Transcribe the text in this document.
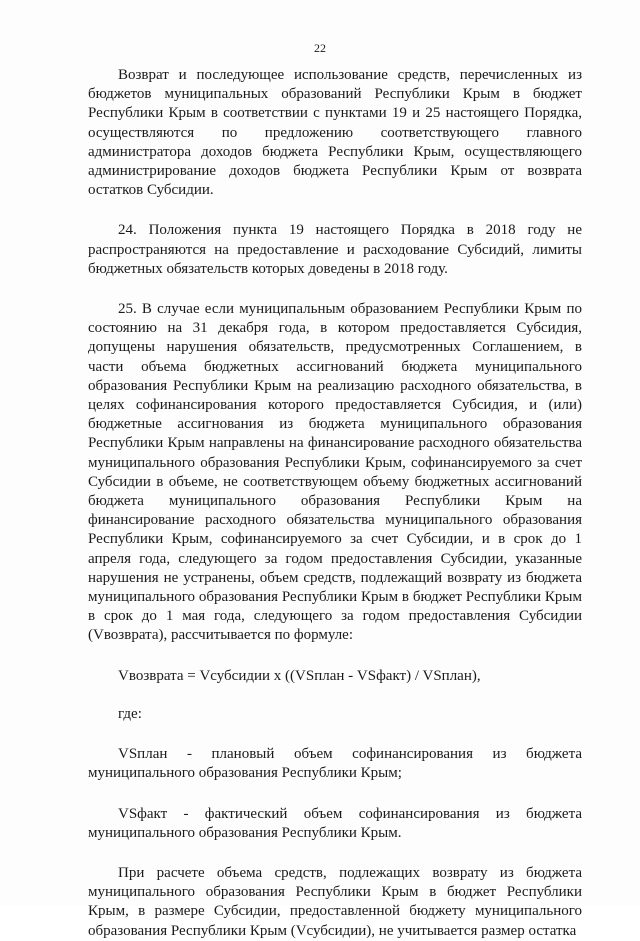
22

Возврат и последующее использование средств, перечисленных из бюджетов муниципальных образований Республики Крым в бюджет Республики Крым в соответствии с пунктами 19 и 25 настоящего Порядка, осуществляются по предложению соответствующего главного администратора доходов бюджета Республики Крым, осуществляющего администрирование доходов бюджета Республики Крым от возврата остатков Субсидии.

24. Положения пункта 19 настоящего Порядка в 2018 году не распространяются на предоставление и расходование Субсидий, лимиты бюджетных обязательств которых доведены в 2018 году.

25. В случае если муниципальным образованием Республики Крым по состоянию на 31 декабря года, в котором предоставляется Субсидия, допущены нарушения обязательств, предусмотренных Соглашением, в части объема бюджетных ассигнований бюджета муниципального образования Республики Крым на реализацию расходного обязательства, в целях софинансирования которого предоставляется Субсидия, и (или) бюджетные ассигнования из бюджета муниципального образования Республики Крым направлены на финансирование расходного обязательства муниципального образования Республики Крым, софинансируемого за счет Субсидии в объеме, не соответствующем объему бюджетных ассигнований бюджета муниципального образования Республики Крым на финансирование расходного обязательства муниципального образования Республики Крым, софинансируемого за счет Субсидии, и в срок до 1 апреля года, следующего за годом предоставления Субсидии, указанные нарушения не устранены, объем средств, подлежащий возврату из бюджета муниципального образования Республики Крым в бюджет Республики Крым в срок до 1 мая года, следующего за годом предоставления Субсидии (Vвозврата), рассчитывается по формуле:

Vвозврата = Vсубсидии x ((VSплан - VSфакт) / VSплан),

где:

VSплан - плановый объем софинансирования из бюджета муниципального образования Республики Крым;

VSфакт - фактический объем софинансирования из бюджета муниципального образования Республики Крым.

При расчете объема средств, подлежащих возврату из бюджета муниципального образования Республики Крым в бюджет Республики Крым, в размере Субсидии, предоставленной бюджету муниципального образования Республики Крым (Vсубсидии), не учитывается размер остатка
